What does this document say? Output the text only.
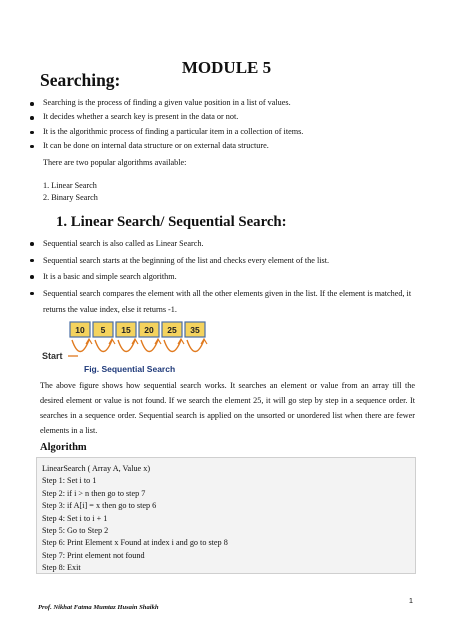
MODULE 5
Searching:
Searching is the process of finding a given value position in a list of values.
It decides whether a search key is present in the data or not.
It is the algorithmic process of finding a particular item in a collection of items.
It can be done on internal data structure or on external data structure.
There are two popular algorithms available:
1. Linear Search
2. Binary Search
1. Linear Search/ Sequential Search:
Sequential search is also called as Linear Search.
Sequential search starts at the beginning of the list and checks every element of the list.
It is a basic and simple search algorithm.
Sequential search compares the element with all the other elements given in the list. If the element is matched, it returns the value index, else it returns -1.
10 5 15 20 25 35
Start
Fig. Sequential Search
The above figure shows how sequential search works. It searches an element or value from an array till the desired element or value is not found. If we search the element 25, it will go step by step in a sequence order. It searches in a sequence order. Sequential search is applied on the unsorted or unordered list when there are fewer elements in a list.
Algorithm
LinearSearch ( Array A, Value x)
Step 1: Set i to 1
Step 2: if i > n then go to step 7
Step 3: if A[i] = x then go to step 6
Step 4: Set i to i + 1
Step 5: Go to Step 2
Step 6: Print Element x Found at index i and go to step 8
Step 7: Print element not found
Step 8: Exit
1
Prof. Nikhat Fatma Mumtaz Husain Shaikh
